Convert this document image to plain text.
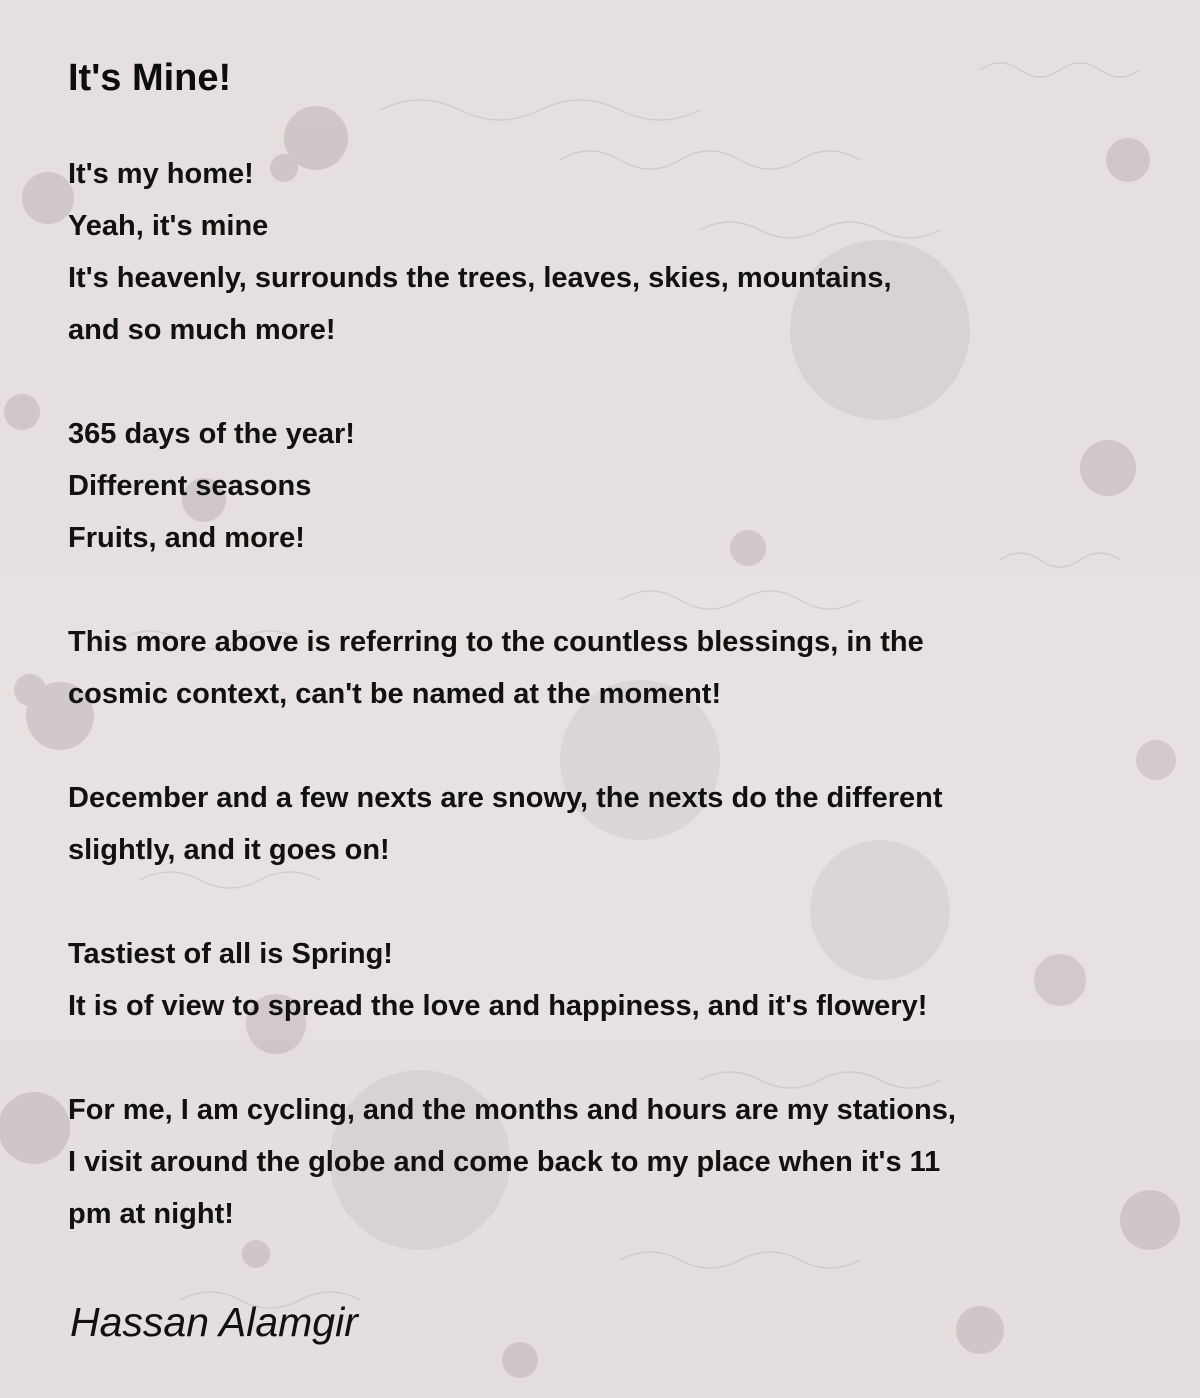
It's Mine!
It's my home!
Yeah, it's mine
It's heavenly, surrounds the trees, leaves, skies, mountains,
and so much more!
365 days of the year!
Different seasons
Fruits, and more!
This more above is referring to the countless blessings, in the
cosmic context, can't be named at the moment!
December and a few nexts are snowy, the nexts do the different
slightly, and it goes on!
Tastiest of all is Spring!
It is of view to spread the love and happiness, and it's flowery!
For me, I am cycling, and the months and hours are my stations,
I visit around the globe and come back to my place when it's 11
pm at night!

Hassan Alamgir
